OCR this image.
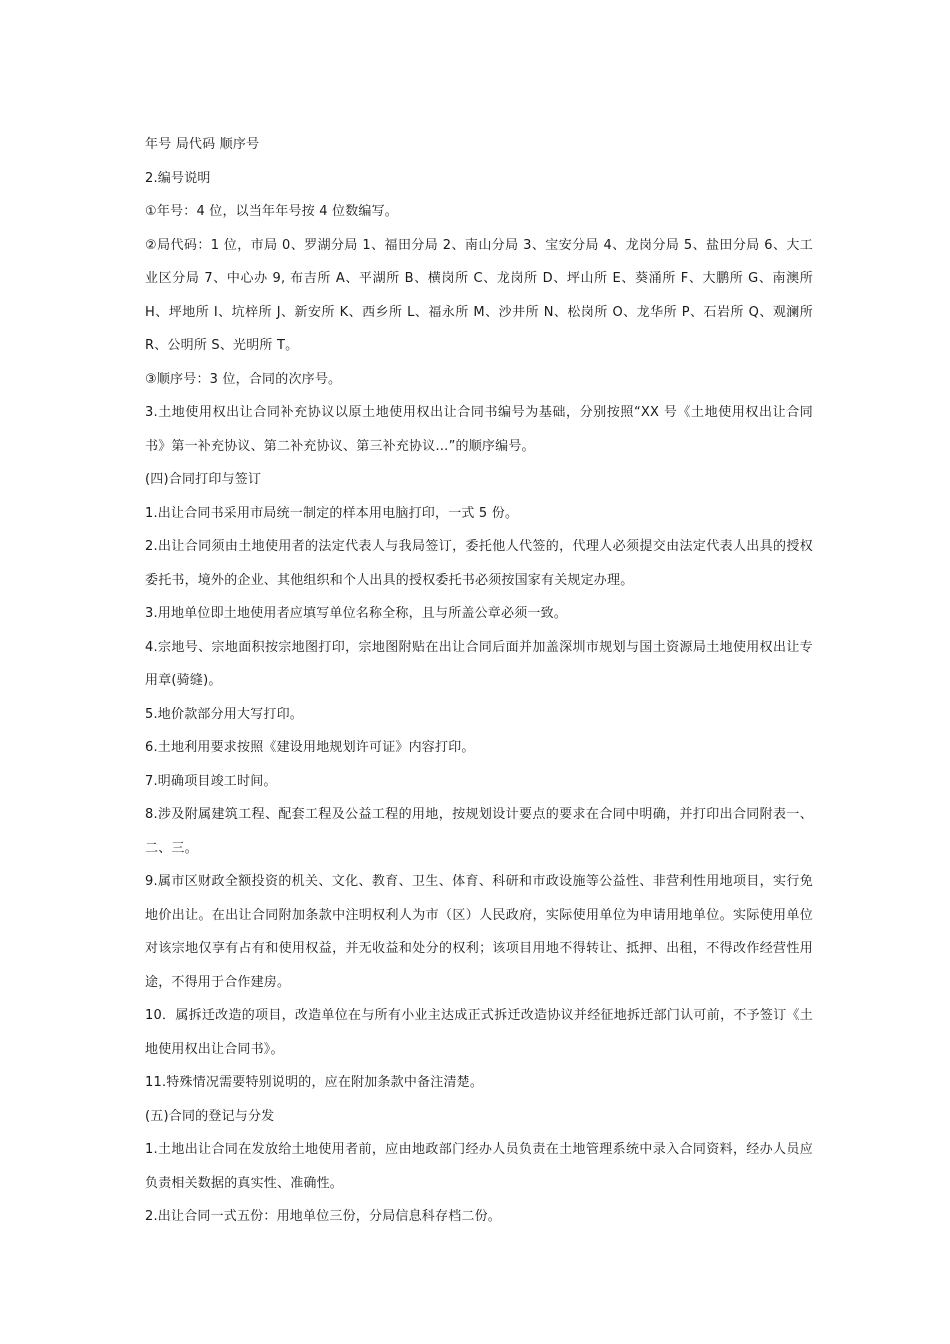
年号 局代码 顺序号

2.编号说明

①年号：4 位，以当年年号按 4 位数编写。

②局代码：1 位，市局 0、罗湖分局 1、福田分局 2、南山分局 3、宝安分局 4、龙岗分局 5、盐田分局 6、大工业区分局 7、中心办 9, 布吉所 A、平湖所 B、横岗所 C、龙岗所 D、坪山所 E、葵涌所 F、大鹏所 G、南澳所 H、坪地所 I、坑梓所 J、新安所 K、西乡所 L、福永所 M、沙井所 N、松岗所 O、龙华所 P、石岩所 Q、观澜所 R、公明所 S、光明所 T。

③顺序号：3 位，合同的次序号。

3.土地使用权出让合同补充协议以原土地使用权出让合同书编号为基础，分别按照“XX 号《土地使用权出让合同书》第一补充协议、第二补充协议、第三补充协议…”的顺序编号。

(四)合同打印与签订

1.出让合同书采用市局统一制定的样本用电脑打印，一式 5 份。

2.出让合同须由土地使用者的法定代表人与我局签订，委托他人代签的，代理人必须提交由法定代表人出具的授权委托书，境外的企业、其他组织和个人出具的授权委托书必须按国家有关规定办理。

3.用地单位即土地使用者应填写单位名称全称，且与所盖公章必须一致。

4.宗地号、宗地面积按宗地图打印，宗地图附贴在出让合同后面并加盖深圳市规划与国土资源局土地使用权出让专用章(骑缝)。

5.地价款部分用大写打印。

6.土地利用要求按照《建设用地规划许可证》内容打印。

7.明确项目竣工时间。

8.涉及附属建筑工程、配套工程及公益工程的用地，按规划设计要点的要求在合同中明确，并打印出合同附表一、二、三。

9.属市区财政全额投资的机关、文化、教育、卫生、体育、科研和市政设施等公益性、非营利性用地项目，实行免地价出让。在出让合同附加条款中注明权利人为市（区）人民政府，实际使用单位为申请用地单位。实际使用单位对该宗地仅享有占有和使用权益，并无收益和处分的权利；该项目用地不得转让、抵押、出租，不得改作经营性用途，不得用于合作建房。

10．属拆迁改造的项目，改造单位在与所有小业主达成正式拆迁改造协议并经征地拆迁部门认可前，不予签订《土地使用权出让合同书》。

11.特殊情况需要特别说明的，应在附加条款中备注清楚。

(五)合同的登记与分发

1.土地出让合同在发放给土地使用者前，应由地政部门经办人员负责在土地管理系统中录入合同资料，经办人员应负责相关数据的真实性、准确性。

2.出让合同一式五份：用地单位三份，分局信息科存档二份。
